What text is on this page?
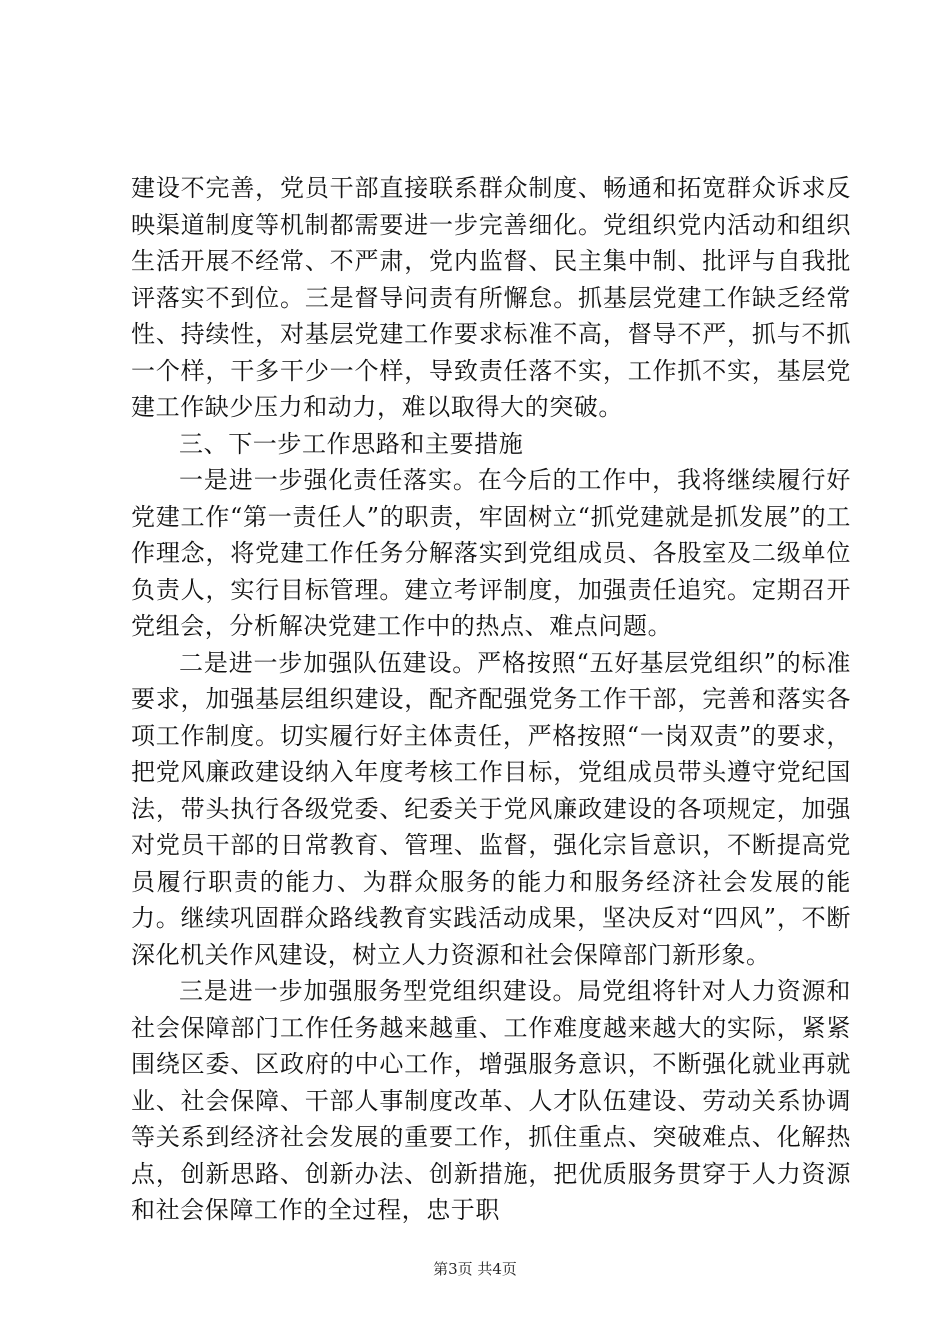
建设不完善，党员干部直接联系群众制度、畅通和拓宽群众诉求反映渠道制度等机制都需要进一步完善细化。党组织党内活动和组织生活开展不经常、不严肃，党内监督、民主集中制、批评与自我批评落实不到位。三是督导问责有所懈怠。抓基层党建工作缺乏经常性、持续性，对基层党建工作要求标准不高，督导不严，抓与不抓一个样，干多干少一个样，导致责任落不实，工作抓不实，基层党建工作缺少压力和动力，难以取得大的突破。

三、下一步工作思路和主要措施

一是进一步强化责任落实。在今后的工作中，我将继续履行好党建工作“第一责任人”的职责，牢固树立“抓党建就是抓发展”的工作理念，将党建工作任务分解落实到党组成员、各股室及二级单位负责人，实行目标管理。建立考评制度，加强责任追究。定期召开党组会，分析解决党建工作中的热点、难点问题。

二是进一步加强队伍建设。严格按照“五好基层党组织”的标准要求，加强基层组织建设，配齐配强党务工作干部，完善和落实各项工作制度。切实履行好主体责任，严格按照“一岗双责”的要求，把党风廉政建设纳入年度考核工作目标，党组成员带头遵守党纪国法，带头执行各级党委、纪委关于党风廉政建设的各项规定，加强对党员干部的日常教育、管理、监督，强化宗旨意识，不断提高党员履行职责的能力、为群众服务的能力和服务经济社会发展的能力。继续巩固群众路线教育实践活动成果，坚决反对“四风”，不断深化机关作风建设，树立人力资源和社会保障部门新形象。

三是进一步加强服务型党组织建设。局党组将针对人力资源和社会保障部门工作任务越来越重、工作难度越来越大的实际，紧紧围绕区委、区政府的中心工作，增强服务意识，不断强化就业再就业、社会保障、干部人事制度改革、人才队伍建设、劳动关系协调等关系到经济社会发展的重要工作，抓住重点、突破难点、化解热点，创新思路、创新办法、创新措施，把优质服务贯穿于人力资源和社会保障工作的全过程，忠于职

第3页 共4页
